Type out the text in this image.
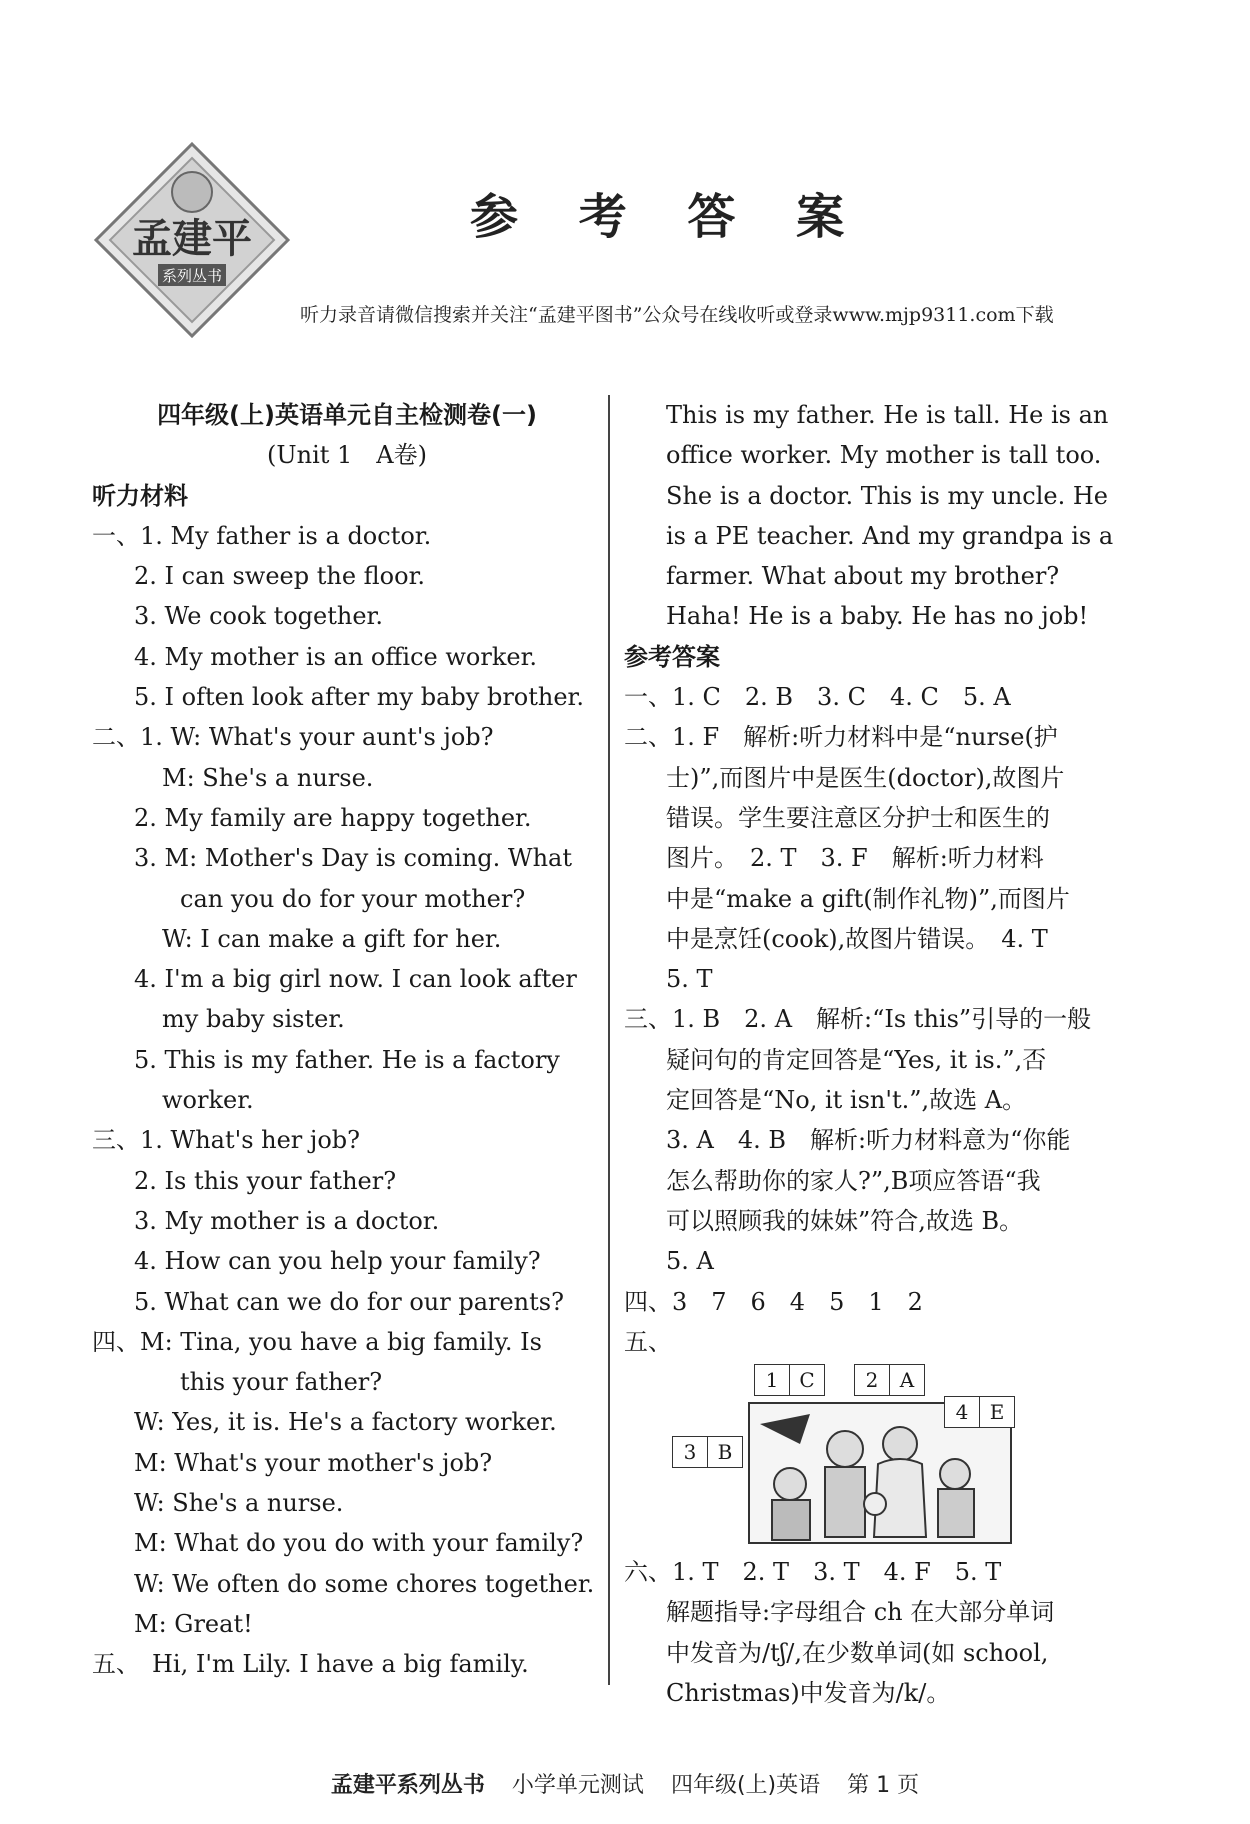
孟建平
系列丛书
参 考 答 案
听力录音请微信搜索并关注“孟建平图书”公众号在线收听或登录www.mjp9311.com下载
四年级(上)英语单元自主检测卷(一)
(Unit 1　A卷)
听力材料
一、1. My father is a doctor.
2. I can sweep the floor.
3. We cook together.
4. My mother is an office worker.
5. I often look after my baby brother.
二、1. W: What's your aunt's job?
M: She's a nurse.
2. My family are happy together.
3. M: Mother's Day is coming. What
can you do for your mother?
W: I can make a gift for her.
4. I'm a big girl now. I can look after
my baby sister.
5. This is my father. He is a factory
worker.
三、1. What's her job?
2. Is this your father?
3. My mother is a doctor.
4. How can you help your family?
5. What can we do for our parents?
四、M: Tina, you have a big family. Is
this your father?
W: Yes, it is. He's a factory worker.
M: What's your mother's job?
W: She's a nurse.
M: What do you do with your family?
W: We often do some chores together.
M: Great!
五、　Hi, I'm Lily. I have a big family.
This is my father. He is tall. He is an
office worker. My mother is tall too.
She is a doctor. This is my uncle. He
is a PE teacher. And my grandpa is a
farmer. What about my brother?
Haha! He is a baby. He has no job!
参考答案
一、1. C　2. B　3. C　4. C　5. A
二、1. F　解析:听力材料中是“nurse(护
士)”,而图片中是医生(doctor),故图片
错误。学生要注意区分护士和医生的
图片。　2. T　3. F　解析:听力材料
中是“make a gift(制作礼物)”,而图片
中是烹饪(cook),故图片错误。　4. T
5. T
三、1. B　2. A　解析:“Is this”引导的一般
疑问句的肯定回答是“Yes, it is.”,否
定回答是“No, it isn't.”,故选 A。
3. A　4. B　解析:听力材料意为“你能
怎么帮助你的家人?”,B项应答语“我
可以照顾我的妹妹”符合,故选 B。
5. A
四、3　7　6　4　5　1　2
五、
1	C	2	A
4	E
3	B
六、1. T　2. T　3. T　4. F　5. T
解题指导:字母组合 ch 在大部分单词
中发音为/tʃ/,在少数单词(如 school,
Christmas)中发音为/k/。
孟建平系列丛书 小学单元测试 四年级(上)英语 第 1 页
